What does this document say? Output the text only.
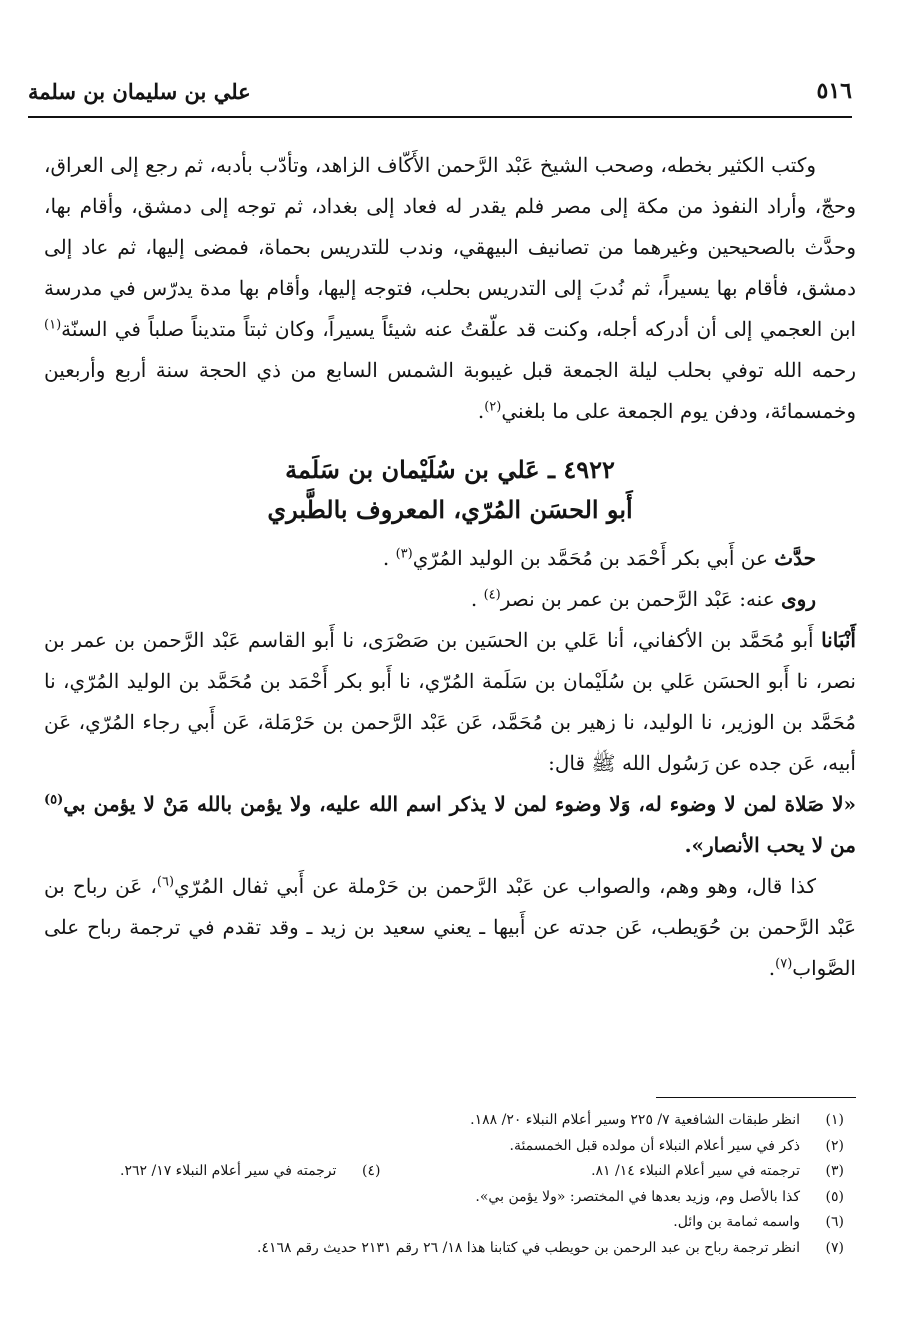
٥١٦
علي بن سليمان بن سلمة

وكتب الكثير بخطه، وصحب الشيخ عَبْد الرَّحمن الأَكّاف الزاهد، وتأدّب بأدبه، ثم رجع إلى العراق، وحجّ، وأراد النفوذ من مكة إلى مصر فلم يقدر له فعاد إلى بغداد، ثم توجه إلى دمشق، وأقام بها، وحدَّث بالصحيحين وغيرهما من تصانيف البيهقي، وندب للتدريس بحماة، فمضى إليها، ثم عاد إلى دمشق، فأقام بها يسيراً، ثم نُدبَ إلى التدريس بحلب، فتوجه إليها، وأقام بها مدة يدرّس في مدرسة ابن العجمي إلى أن أدركه أجله، وكنت قد علّقتُ عنه شيئاً يسيراً، وكان ثبتاً متديناً صلباً في السنّة$^{(١)}$ رحمه الله توفي بحلب ليلة الجمعة قبل غيبوبة الشمس السابع من ذي الحجة سنة أربع وأربعين وخمسمائة، ودفن يوم الجمعة على ما بلغني$^{(٢)}$.

٤٩٢٢ ـ عَلي بن سُلَيْمان بن سَلَمة
أَبو الحسَن المُرّي، المعروف بالطَّبري

حدَّث عن أَبي بكر أَحْمَد بن مُحَمَّد بن الوليد المُرّي$^{(٣)}$ .

روى عنه: عَبْد الرَّحمن بن عمر بن نصر$^{(٤)}$ .

أَنْبَانا أَبو مُحَمَّد بن الأكفاني، أنا عَلي بن الحسَين بن صَصْرَى، نا أَبو القاسم عَبْد الرَّحمن بن عمر بن نصر، نا أَبو الحسَن عَلي بن سُلَيْمان بن سَلَمة المُرّي، نا أَبو بكر أَحْمَد بن مُحَمَّد بن الوليد المُرّي، نا مُحَمَّد بن الوزير، نا الوليد، نا زهير بن مُحَمَّد، عَن عَبْد الرَّحمن بن حَرْمَلة، عَن أَبي رجاء المُرّي، عَن أبيه، عَن جده عن رَسُول الله ﷺ قال:

«لا صَلاة لمن لا وضوء له، وَلا وضوء لمن لا يذكر اسم الله عليه، ولا يؤمن بالله مَنْ لا يؤمن بي$^{(٥)}$ من لا يحب الأنصار».

كذا قال، وهو وهم، والصواب عن عَبْد الرَّحمن بن حَرْملة عن أَبي ثفال المُرّي$^{(٦)}$، عَن رباح بن عَبْد الرَّحمن بن حُوَيطب، عَن جدته عن أَبيها ـ يعني سعيد بن زيد ـ وقد تقدم في ترجمة رباح على الصَّواب$^{(٧)}$.

(١)
انظر طبقات الشافعية ٧/ ٢٢٥ وسير أعلام النبلاء ٢٠/ ١٨٨.
(٢)
ذكر في سير أعلام النبلاء أن مولده قبل الخمسمئة.
(٣)
ترجمته في سير أعلام النبلاء ١٤/ ٨١.
(٤)
ترجمته في سير أعلام النبلاء ١٧/ ٢٦٢.
(٥)
كذا بالأصل وم، وزيد بعدها في المختصر: «ولا يؤمن بي».
(٦)
واسمه ثمامة بن وائل.
(٧)
انظر ترجمة رباح بن عبد الرحمن بن حويطب في كتابنا هذا ١٨/ ٢٦ رقم ٢١٣١ حديث رقم ٤١٦٨.
